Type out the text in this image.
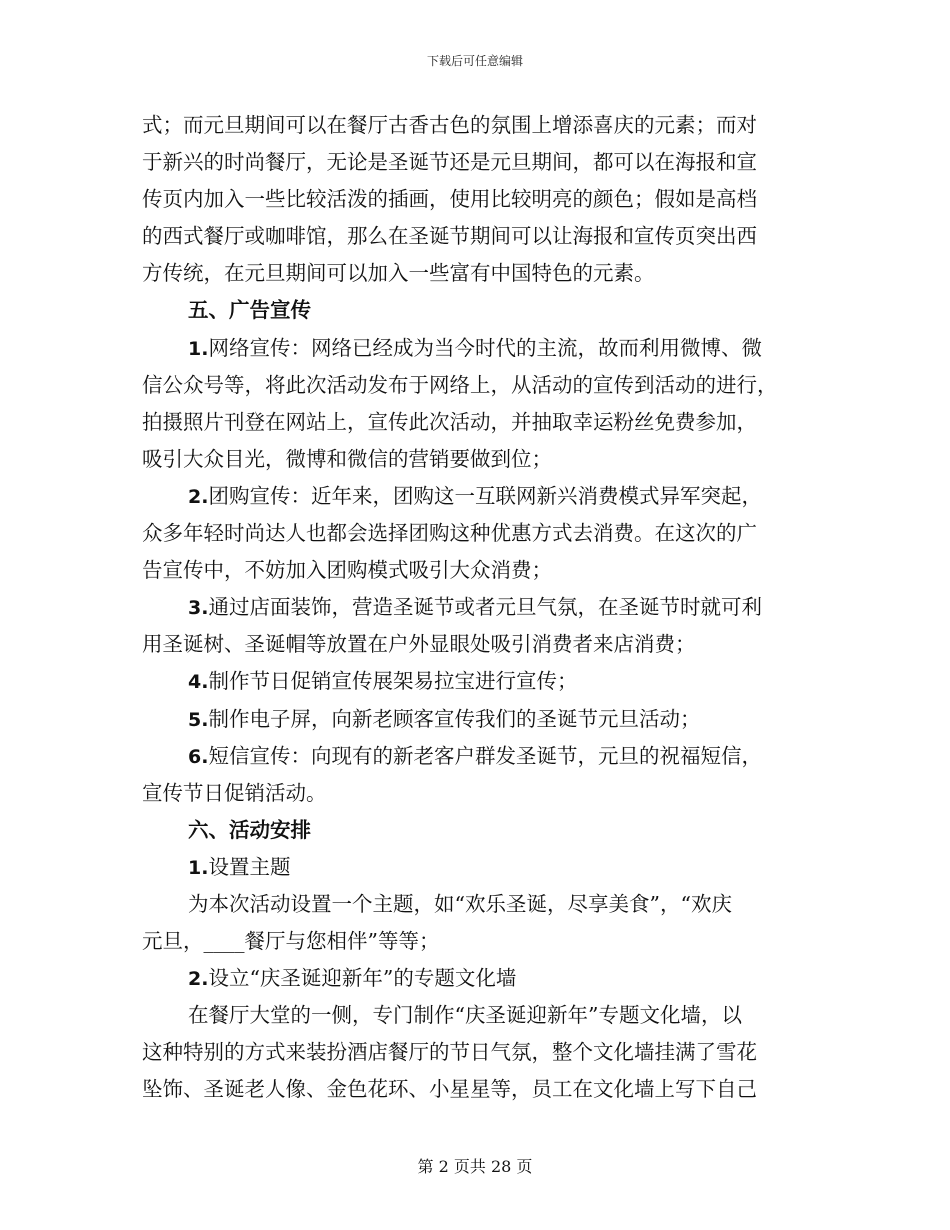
下载后可任意编辑
式；而元旦期间可以在餐厅古香古色的氛围上增添喜庆的元素；而对
于新兴的时尚餐厅，无论是圣诞节还是元旦期间，都可以在海报和宣
传页内加入一些比较活泼的插画，使用比较明亮的颜色；假如是高档
的西式餐厅或咖啡馆，那么在圣诞节期间可以让海报和宣传页突出西
方传统，在元旦期间可以加入一些富有中国特色的元素。
五、广告宣传
1.网络宣传：网络已经成为当今时代的主流，故而利用微博、微
信公众号等，将此次活动发布于网络上，从活动的宣传到活动的进行，
拍摄照片刊登在网站上，宣传此次活动，并抽取幸运粉丝免费参加，
吸引大众目光，微博和微信的营销要做到位；
2.团购宣传：近年来，团购这一互联网新兴消费模式异军突起，
众多年轻时尚达人也都会选择团购这种优惠方式去消费。在这次的广
告宣传中，不妨加入团购模式吸引大众消费；
3.通过店面装饰，营造圣诞节或者元旦气氛，在圣诞节时就可利
用圣诞树、圣诞帽等放置在户外显眼处吸引消费者来店消费；
4.制作节日促销宣传展架易拉宝进行宣传；
5.制作电子屏，向新老顾客宣传我们的圣诞节元旦活动；
6.短信宣传：向现有的新老客户群发圣诞节，元旦的祝福短信，
宣传节日促销活动。
六、活动安排
1.设置主题
为本次活动设置一个主题，如“欢乐圣诞，尽享美食”，“欢庆
元旦，____餐厅与您相伴”等等；
2.设立“庆圣诞迎新年”的专题文化墙
在餐厅大堂的一侧，专门制作“庆圣诞迎新年”专题文化墙，以
这种特别的方式来装扮酒店餐厅的节日气氛，整个文化墙挂满了雪花
坠饰、圣诞老人像、金色花环、小星星等，员工在文化墙上写下自己
第 2 页共 28 页
